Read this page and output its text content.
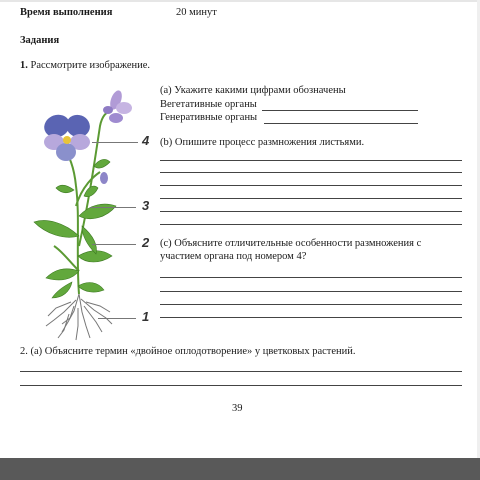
Время выполнения	20 минут
Задания
1. Рассмотрите изображение.
4
3
2
1
(a) Укажите какими цифрами обозначены
Вегетативные органы
Генеративные органы
(b) Опишите процесс размножения листьями.
(c) Объясните отличительные особенности размножения с
участием органа под номером 4?
2. (a) Объясните термин «двойное оплодотворение» у цветковых растений.
39
